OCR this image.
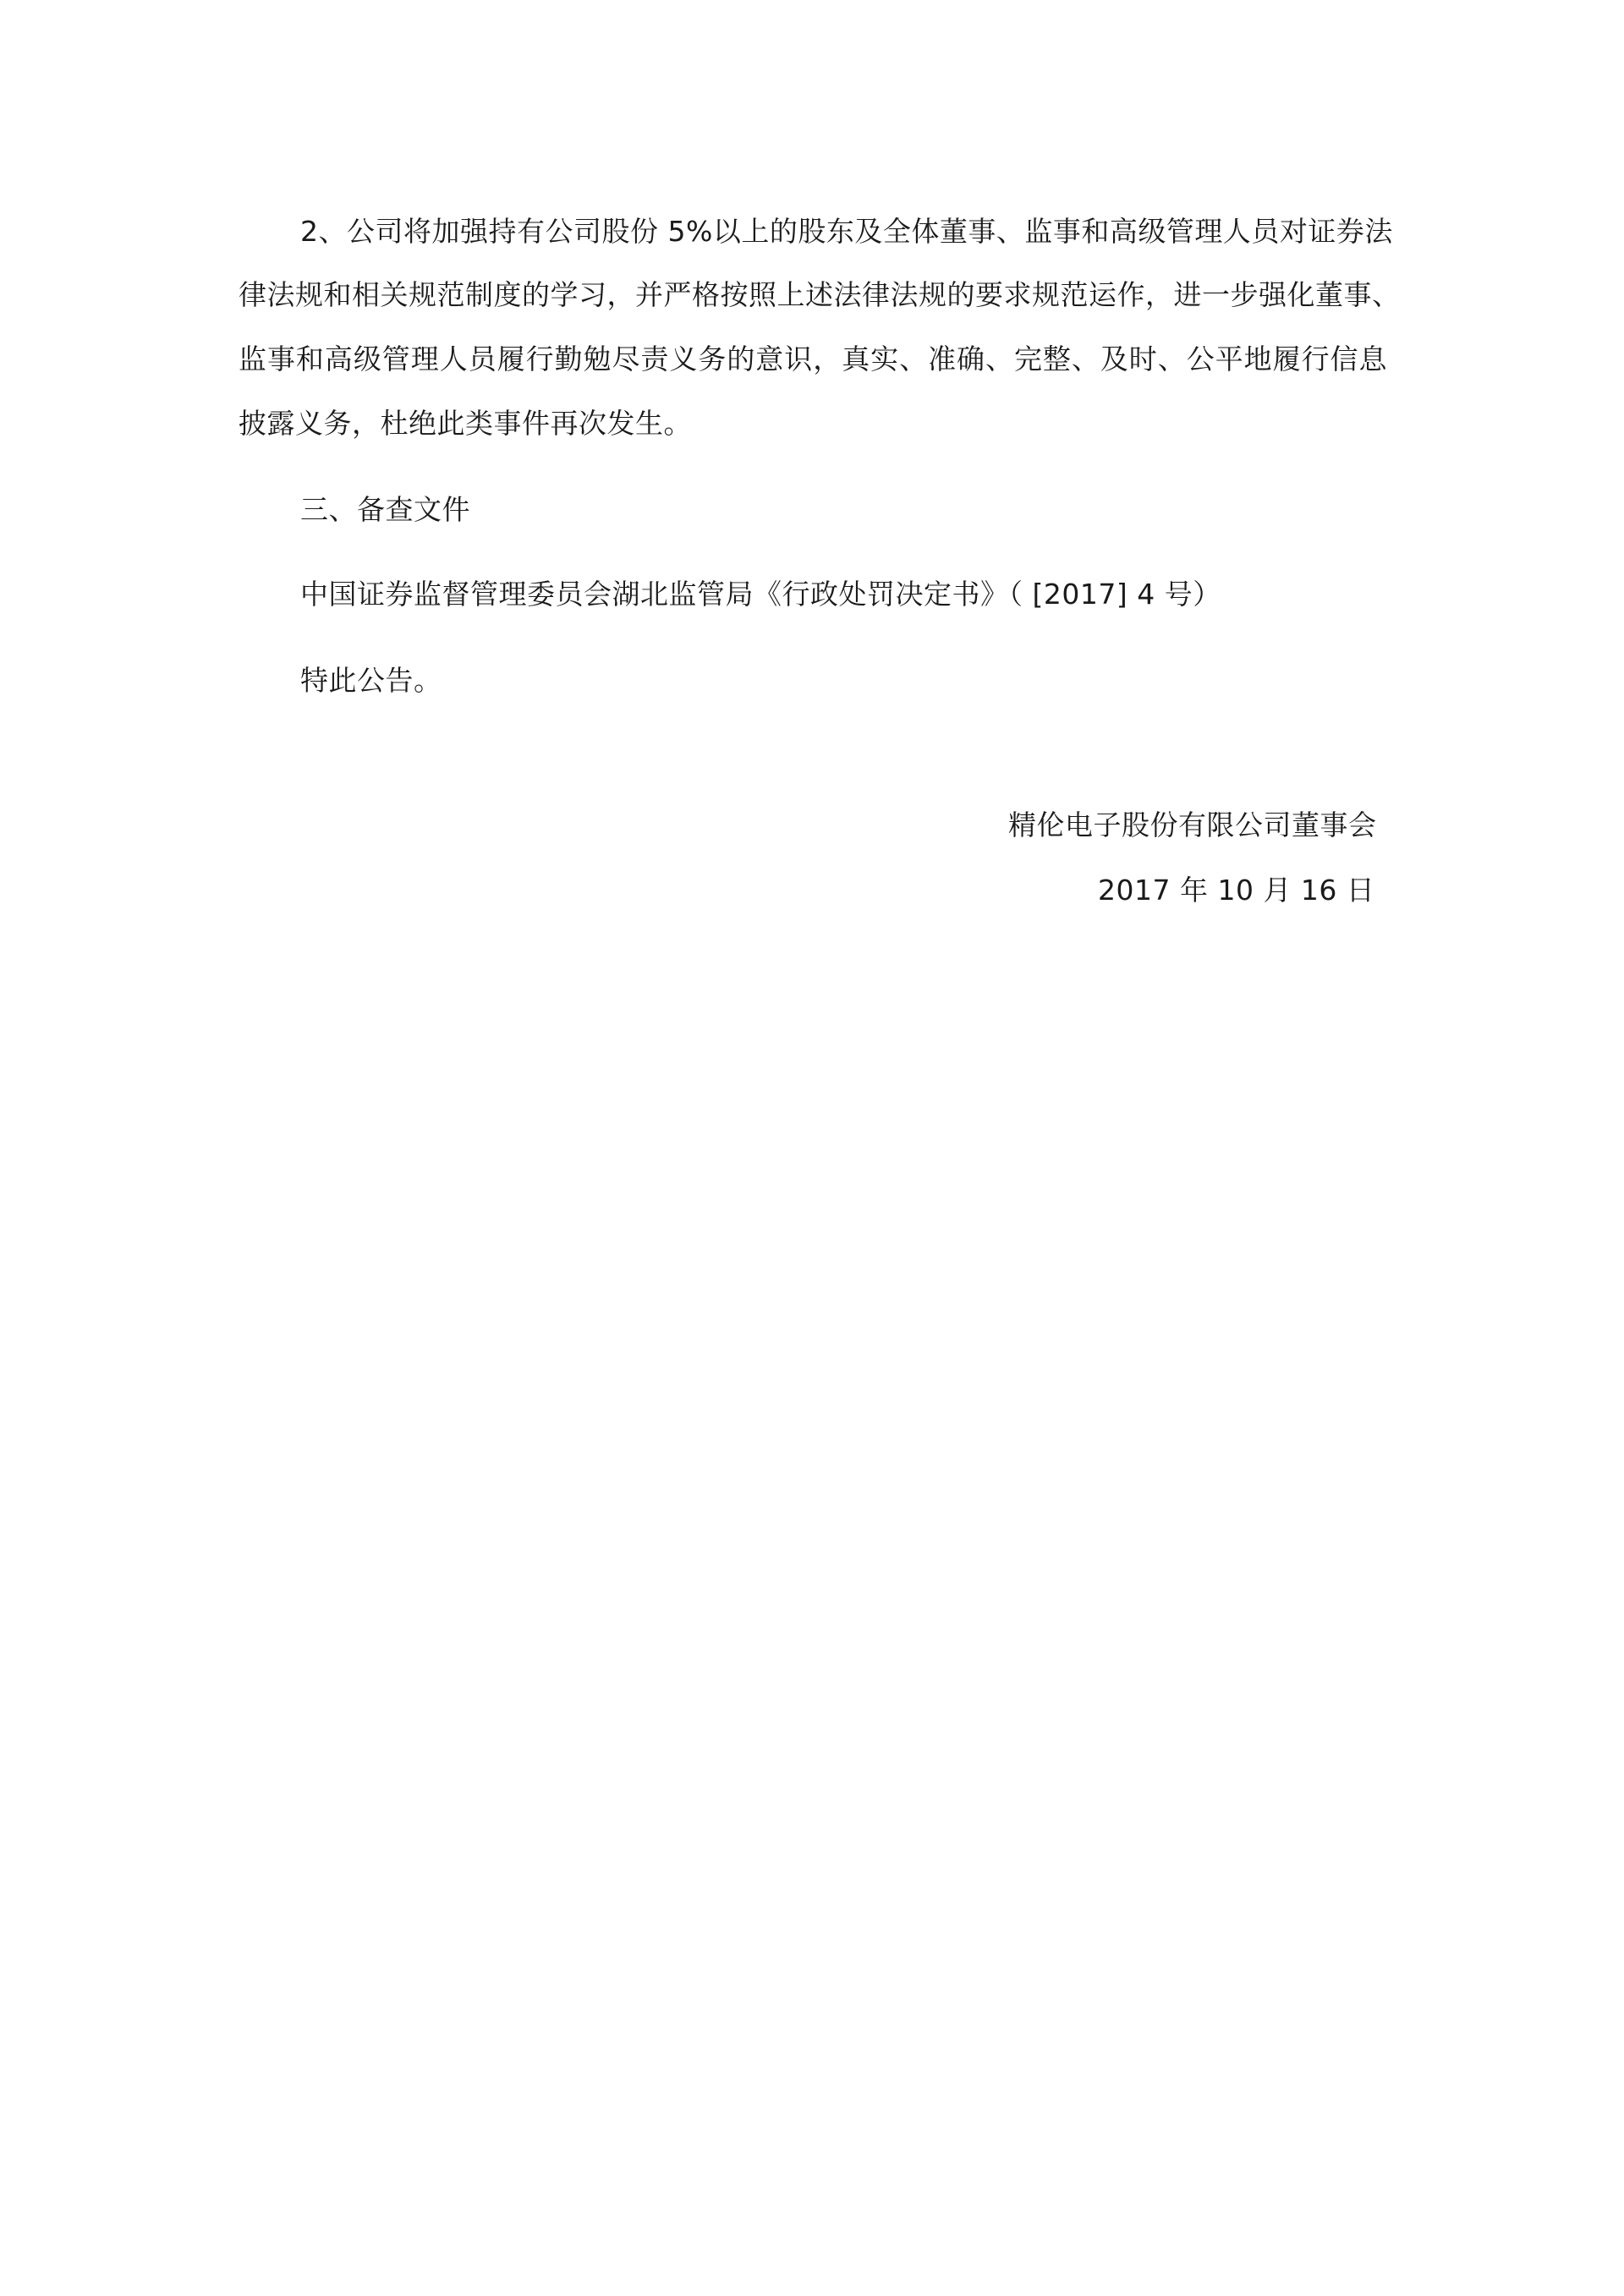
2、公司将加强持有公司股份 5%以上的股东及全体董事、监事和高级管理人员对证券法
律法规和相关规范制度的学习，并严格按照上述法律法规的要求规范运作，进一步强化董事、
监事和高级管理人员履行勤勉尽责义务的意识，真实、准确、完整、及时、公平地履行信息
披露义务，杜绝此类事件再次发生。
三、备查文件
中国证券监督管理委员会湖北监管局《行政处罚决定书》（ [2017] 4 号）
特此公告。
精伦电子股份有限公司董事会
2017 年 10 月 16 日
